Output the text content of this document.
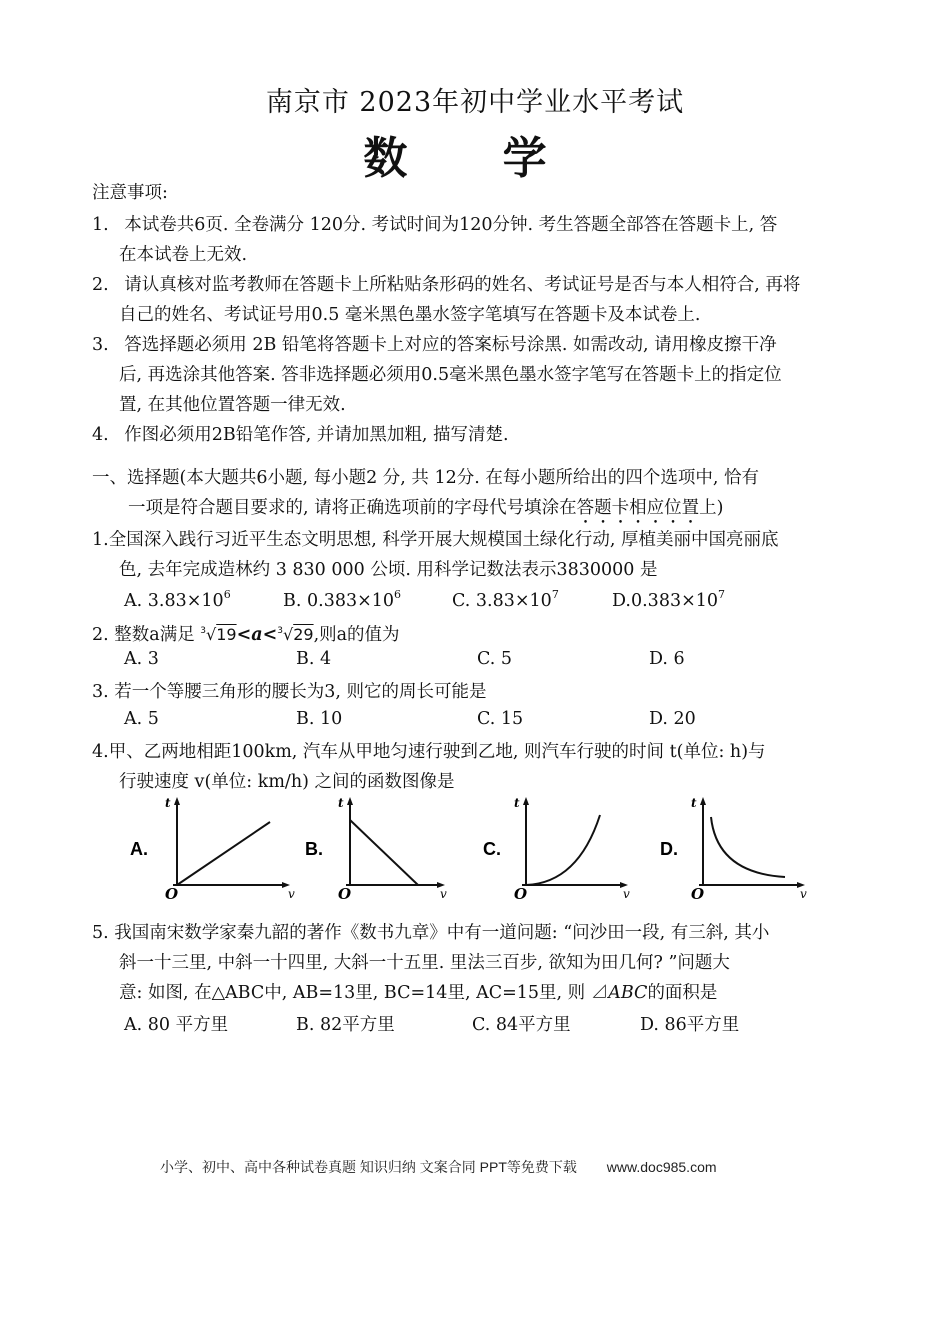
南京市 2023年初中学业水平考试
数 学
注意事项:
1. 本试卷共6页. 全卷满分 120分. 考试时间为120分钟. 考生答题全部答在答题卡上, 答
在本试卷上无效.
2. 请认真核对监考教师在答题卡上所粘贴条形码的姓名、考试证号是否与本人相符合, 再将
自己的姓名、考试证号用0.5 毫米黑色墨水签字笔填写在答题卡及本试卷上.
3. 答选择题必须用 2B 铅笔将答题卡上对应的答案标号涂黑. 如需改动, 请用橡皮擦干净
后, 再选涂其他答案. 答非选择题必须用0.5毫米黑色墨水签字笔写在答题卡上的指定位
置, 在其他位置答题一律无效.
4. 作图必须用2B铅笔作答, 并请加黑加粗, 描写清楚.
一、选择题(本大题共6小题, 每小题2 分, 共 12分. 在每小题所给出的四个选项中, 恰有
一项是符合题目要求的, 请将正确选项前的字母代号填涂在答题卡相应位置上)
1.全国深入践行习近平生态文明思想, 科学开展大规模国土绿化行动, 厚植美丽中国亮丽底
色, 去年完成造林约 3 830 000 公顷. 用科学记数法表示3830000 是
A. $3.83\times 10^6$	B. $0.383\times 10^6$	C. $3.83\times 10^7$	$D.0.383\times 10^7$
2. 整数a满足 $^3$√19<a<$^3$√29,则a的值为
A. 3	B. 4	C. 5	D. 6
3. 若一个等腰三角形的腰长为3, 则它的周长可能是
A. 5	B. 10	C. 15	D. 20
4.甲、乙两地相距100km, 汽车从甲地匀速行驶到乙地, 则汽车行驶的时间 t(单位: h)与
行驶速度 v(单位: km/h) 之间的函数图像是
A.
t
v
O
B.
t
v
O
C.
t
v
O
D.
t
v
O
5. 我国南宋数学家秦九韶的著作《数书九章》中有一道问题: “问沙田一段, 有三斜, 其小
斜一十三里, 中斜一十四里, 大斜一十五里. 里法三百步, 欲知为田几何? ”问题大
意: 如图, 在△ABC中, AB=13里, BC=14里, AC=15里, 则 ⊿ABC的面积是
A. 80 平方里	B. 82平方里	C. 84平方里	D. 86平方里
小学、初中、高中各种试卷真题 知识归纳 文案合同 PPT等免费下载 www.doc985.com
